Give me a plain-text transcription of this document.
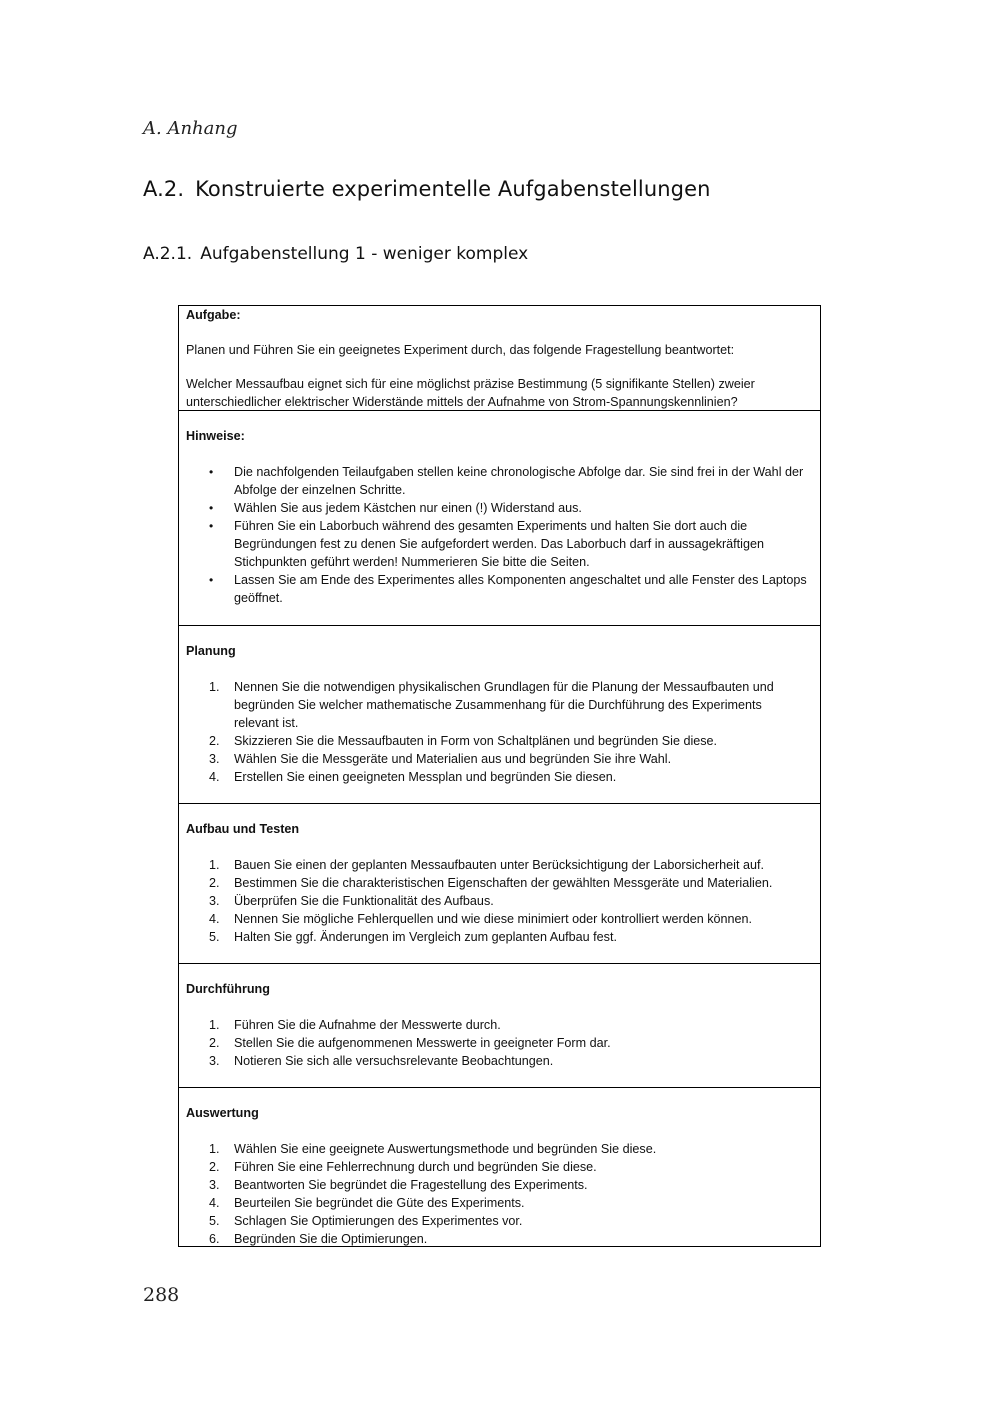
A. Anhang

A.2. Konstruierte experimentelle Aufgabenstellungen
A.2.1. Aufgabenstellung 1 - weniger komplex

Aufgabe:

Planen und Führen Sie ein geeignetes Experiment durch, das folgende Fragestellung beantwortet:

Welcher Messaufbau eignet sich für eine möglichst präzise Bestimmung (5 signifikante Stellen) zweier unterschiedlicher elektrischer Widerstände mittels der Aufnahme von Strom-Spannungskennlinien?

Hinweise:

•	Die nachfolgenden Teilaufgaben stellen keine chronologische Abfolge dar. Sie sind frei in der Wahl der Abfolge der einzelnen Schritte.
•	Wählen Sie aus jedem Kästchen nur einen (!) Widerstand aus.
•	Führen Sie ein Laborbuch während des gesamten Experiments und halten Sie dort auch die Begründungen fest zu denen Sie aufgefordert werden. Das Laborbuch darf in aussagekräftigen Stichpunkten geführt werden! Nummerieren Sie bitte die Seiten.
•	Lassen Sie am Ende des Experimentes alles Komponenten angeschaltet und alle Fenster des Laptops geöffnet.

Planung

1.	Nennen Sie die notwendigen physikalischen Grundlagen für die Planung der Messaufbauten und begründen Sie welcher mathematische Zusammenhang für die Durchführung des Experiments relevant ist.
2.	Skizzieren Sie die Messaufbauten in Form von Schaltplänen und begründen Sie diese.
3.	Wählen Sie die Messgeräte und Materialien aus und begründen Sie ihre Wahl.
4.	Erstellen Sie einen geeigneten Messplan und begründen Sie diesen.

Aufbau und Testen

1.	Bauen Sie einen der geplanten Messaufbauten unter Berücksichtigung der Laborsicherheit auf.
2.	Bestimmen Sie die charakteristischen Eigenschaften der gewählten Messgeräte und Materialien.
3.	Überprüfen Sie die Funktionalität des Aufbaus.
4.	Nennen Sie mögliche Fehlerquellen und wie diese minimiert oder kontrolliert werden können.
5.	Halten Sie ggf. Änderungen im Vergleich zum geplanten Aufbau fest.

Durchführung

1.	Führen Sie die Aufnahme der Messwerte durch.
2.	Stellen Sie die aufgenommenen Messwerte in geeigneter Form dar.
3.	Notieren Sie sich alle versuchsrelevante Beobachtungen.

Auswertung

1.	Wählen Sie eine geeignete Auswertungsmethode und begründen Sie diese.
2.	Führen Sie eine Fehlerrechnung durch und begründen Sie diese.
3.	Beantworten Sie begründet die Fragestellung des Experiments.
4.	Beurteilen Sie begründet die Güte des Experiments.
5.	Schlagen Sie Optimierungen des Experimentes vor.
6.	Begründen Sie die Optimierungen.

288
